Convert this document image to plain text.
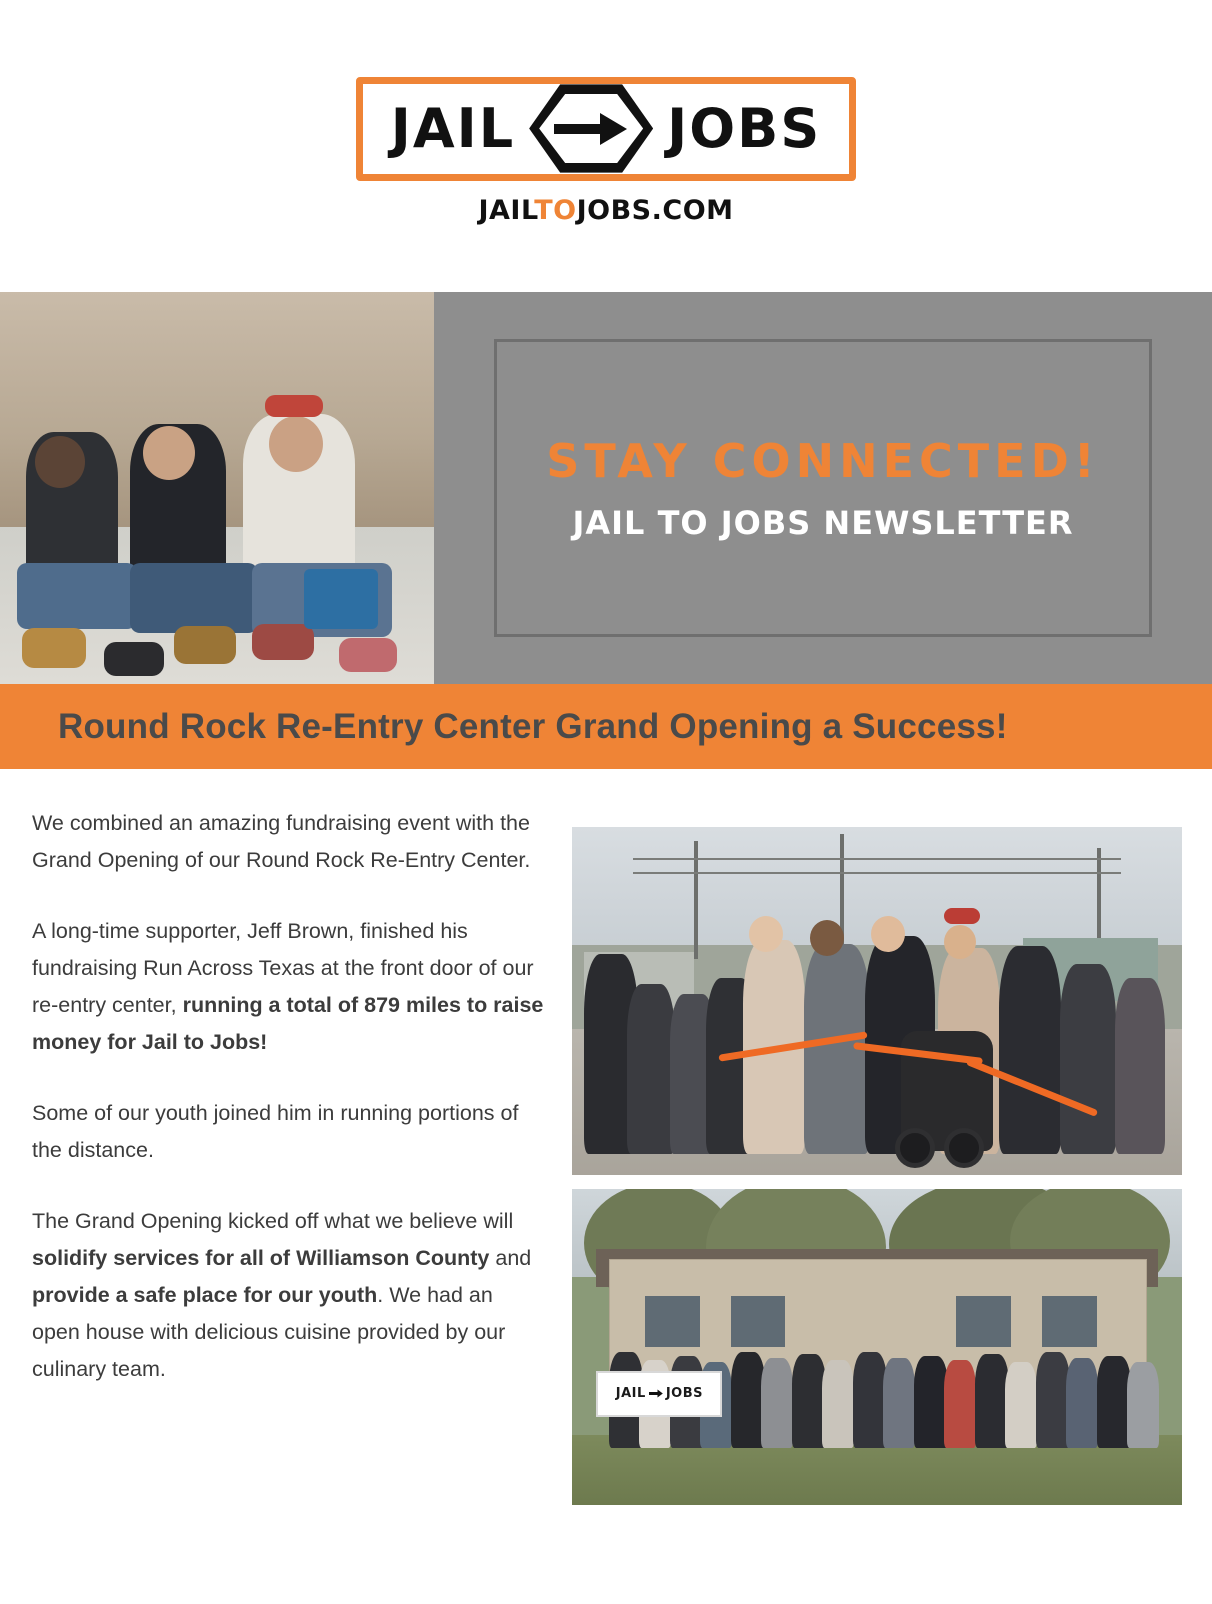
JAIL	JOBS
JAILTOJOBS.COM
STAY CONNECTED!
JAIL TO JOBS NEWSLETTER
Round Rock Re-Entry Center Grand Opening a Success!

We combined an amazing fundraising event with the Grand Opening of our Round Rock Re-Entry Center.

A long-time supporter, Jeff Brown, finished his fundraising Run Across Texas at the front door of our re-entry center, running a total of 879 miles to raise money for Jail to Jobs!

Some of our youth joined him in running portions of the distance.

The Grand Opening kicked off what we believe will solidify services for all of Williamson County and provide a safe place for our youth. We had an open house with delicious cuisine provided by our culinary team.

JAIL JOBS
